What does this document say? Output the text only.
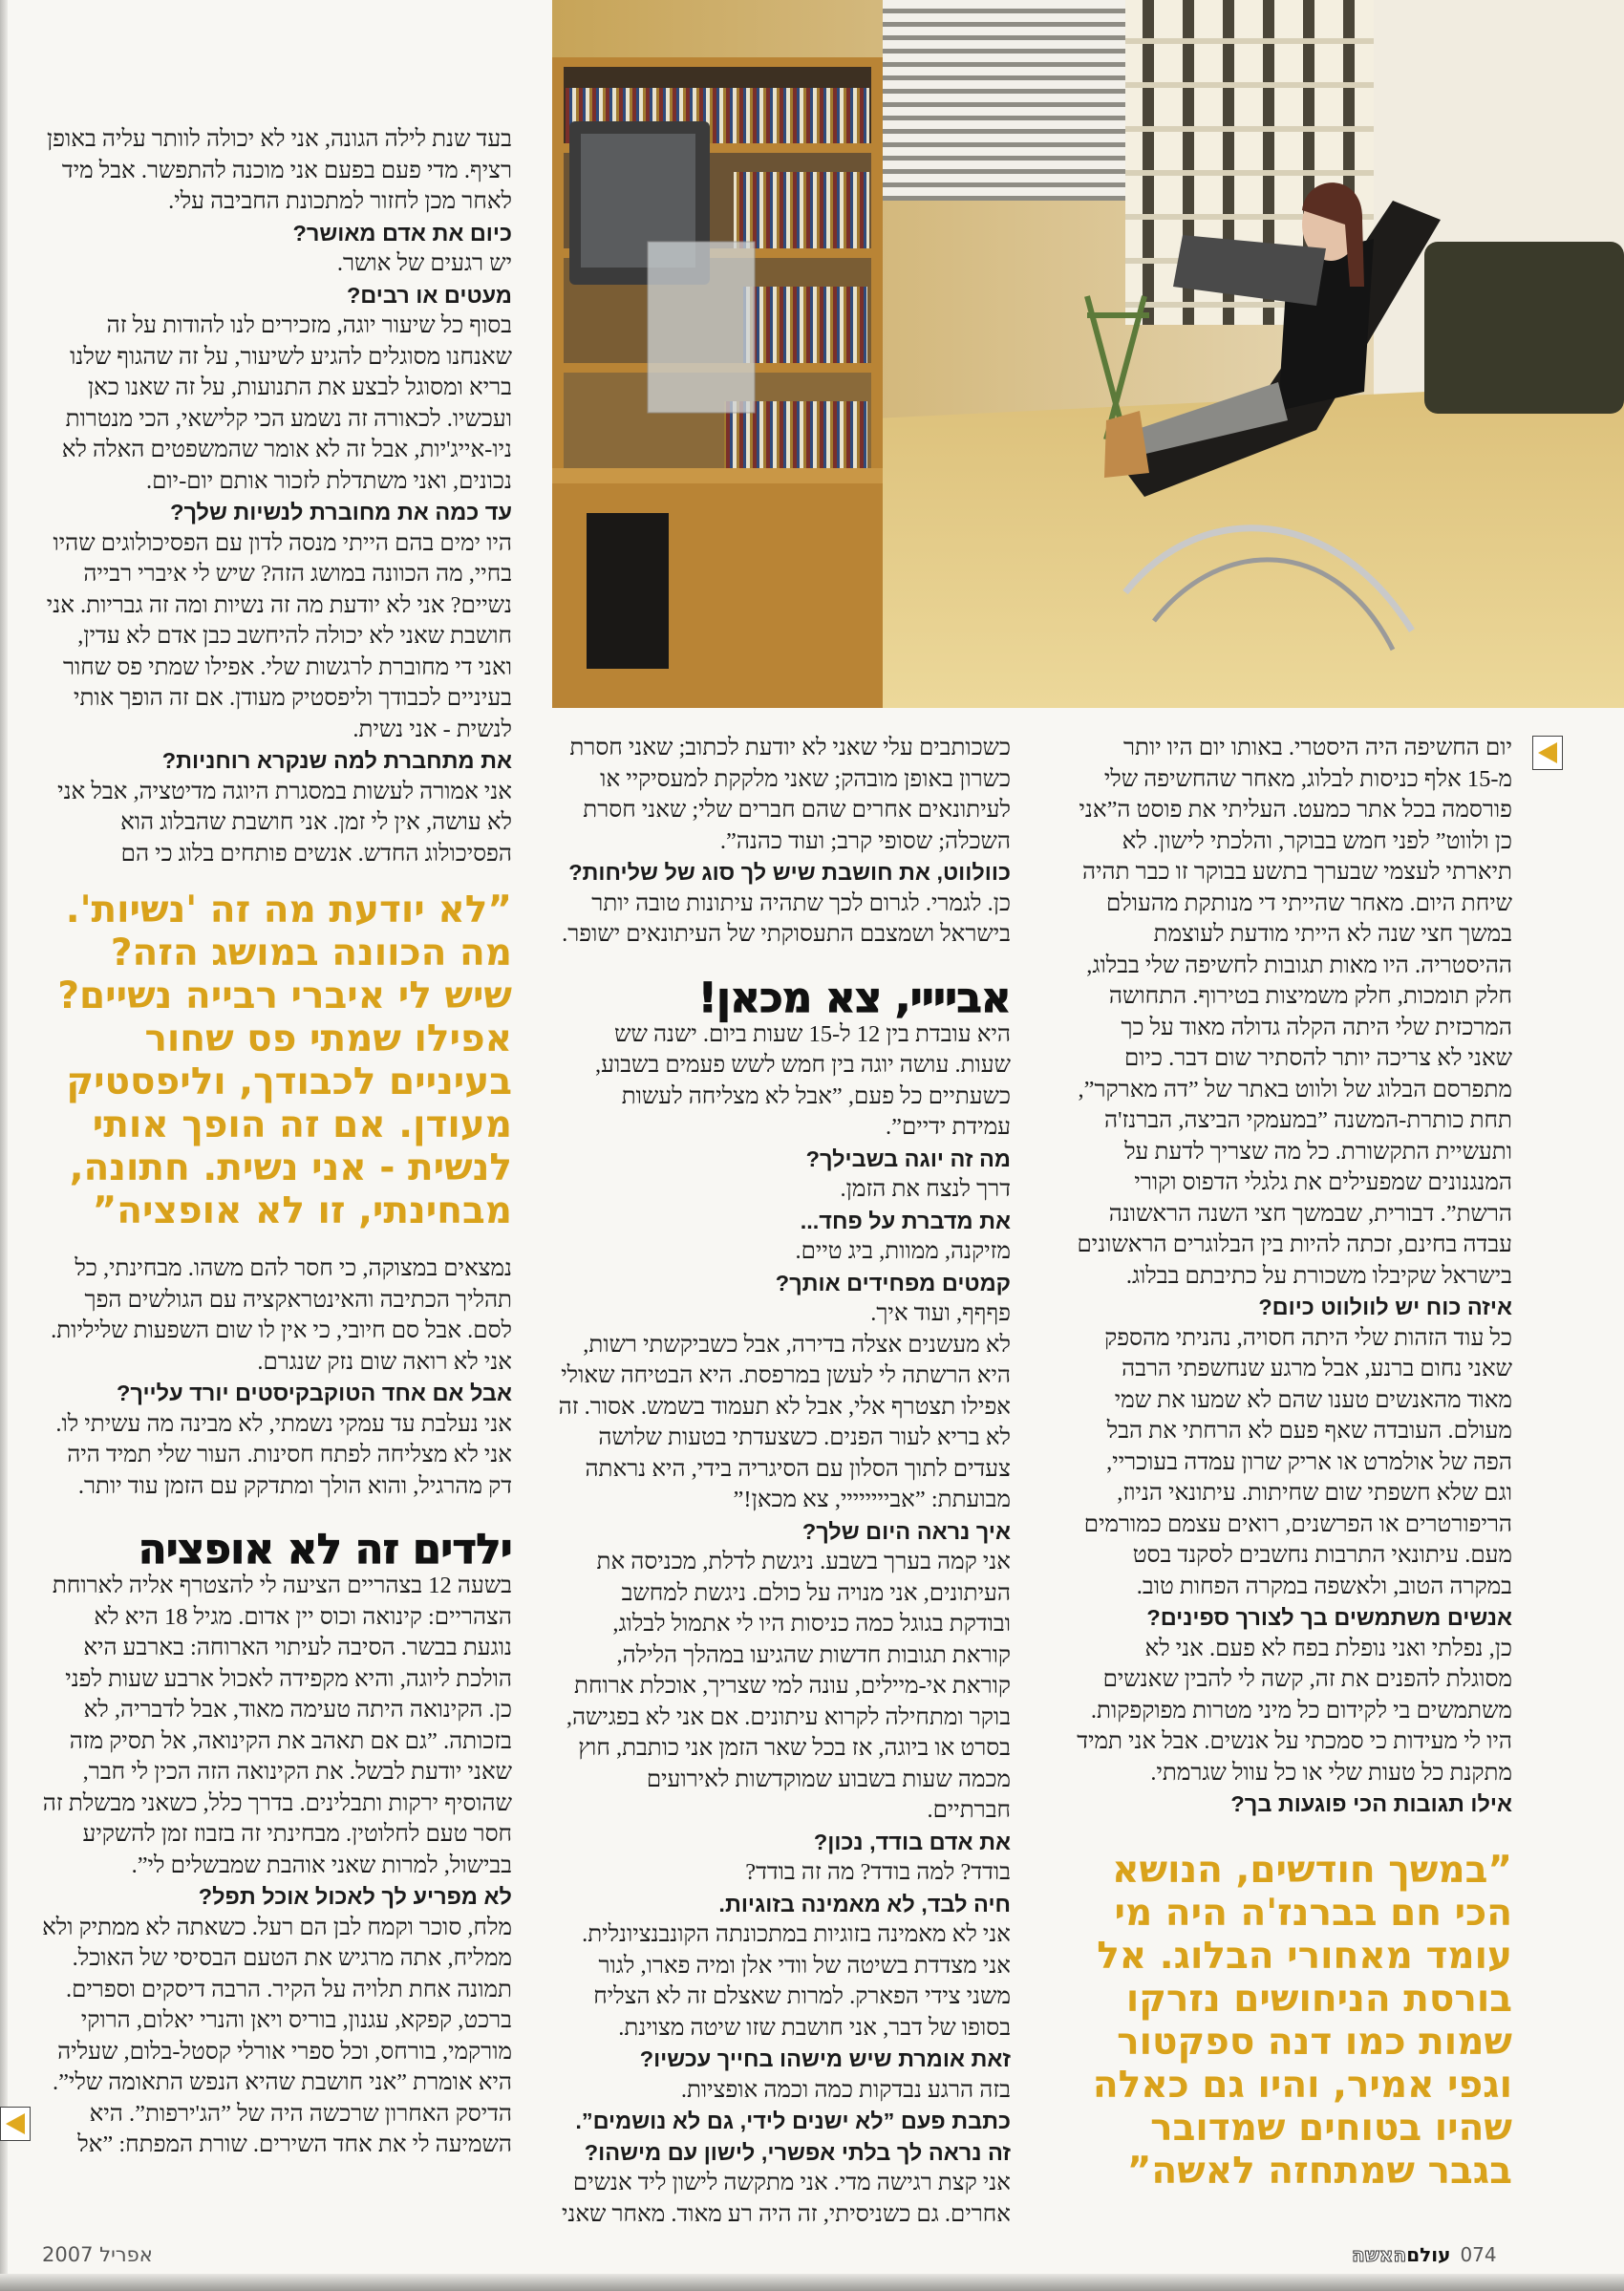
בעד שנת לילה הגונה, אני לא יכולה לוותר עליה באופן רציף. מדי פעם בפעם אני מוכנה להתפשר. אבל מיד לאחר מכן לחזור למתכונת החביבה עלי.

כיום את אדם מאושר?

יש רגעים של אושר.

מעטים או רבים?

בסוף כל שיעור יוגה, מזכירים לנו להודות על זה שאנחנו מסוגלים להגיע לשיעור, על זה שהגוף שלנו בריא ומסוגל לבצע את התנועות, על זה שאנו כאן ועכשיו. לכאורה זה נשמע הכי קלישאי, הכי מנטרות ניו-אייג'יות, אבל זה לא אומר שהמשפטים האלה לא נכונים, ואני משתדלת לזכור אותם יום-יום.

עד כמה את מחוברת לנשיות שלך?

היו ימים בהם הייתי מנסה לדון עם הפסיכולוגים שהיו בחיי, מה הכוונה במושג הזה? שיש לי איברי רבייה נשיים? אני לא יודעת מה זה נשיות ומה זה גבריות. אני חושבת שאני לא יכולה להיחשב כבן אדם לא עדין, ואני די מחוברת לרגשות שלי. אפילו שמתי פס שחור בעיניים לכבודך וליפסטיק מעודן. אם זה הופך אותי לנשית - אני נשית.

את מתחברת למה שנקרא רוחניות?

אני אמורה לעשות במסגרת היוגה מדיטציה, אבל אני לא עושה, אין לי זמן. אני חושבת שהבלוג הוא הפסיכולוג החדש. אנשים פותחים בלוג כי הם

”לא יודעת מה זה 'נשיות'.
מה הכוונה במושג הזה?
שיש לי איברי רבייה נשיים?
אפילו שמתי פס שחור
בעיניים לכבודך, וליפסטיק
מעודן. אם זה הופך אותי
לנשית - אני נשית. חתונה,
מבחינתי, זו לא אופציה”

נמצאים במצוקה, כי חסר להם משהו. מבחינתי, כל תהליך הכתיבה והאינטראקציה עם הגולשים הפך לסם. אבל סם חיובי, כי אין לו שום השפעות שליליות. אני לא רואה שום נזק שנגרם.

אבל אם אחד הטוקבקיסטים יורד עלייך?

אני נעלבת עד עמקי נשמתי, לא מבינה מה עשיתי לו. אני לא מצליחה לפתח חסינות. העור שלי תמיד היה דק מהרגיל, והוא הולך ומתדקק עם הזמן עוד יותר.

ילדים זה לא אופציה

בשעה 12 בצהריים הציעה לי להצטרף אליה לארוחת הצהריים: קינואה וכוס יין אדום. מגיל 18 היא לא נוגעת בבשר. הסיבה לעיתוי הארוחה: בארבע היא הולכת ליוגה, והיא מקפידה לאכול ארבע שעות לפני כן. הקינואה היתה טעימה מאוד, אבל לדבריה, לא בזכותה. ”גם אם תאהב את הקינואה, אל תסיק מזה שאני יודעת לבשל. את הקינואה הזה הכין לי חבר, שהוסיף ירקות ותבלינים. בדרך כלל, כשאני מבשלת זה חסר טעם לחלוטין. מבחינתי זה בזבוז זמן להשקיע בבישול, למרות שאני אוהבת שמבשלים לי”.

לא מפריע לך לאכול אוכל תפל?

מלח, סוכר וקמח לבן הם רעל. כשאתה לא ממתיק ולא ממליח, אתה מרגיש את הטעם הבסיסי של האוכל. תמונה אחת תלויה על הקיר. הרבה דיסקים וספרים. ברכט, קפקא, עגנון, בוריס ויאן והנרי יאלום, הרוקי מורקמי, בורחס, וכל ספרי אורלי קסטל-בלום, שעליה היא אומרת ”אני חושבת שהיא הנפש התאומה שלי”. הדיסק האחרון שרכשה היה של ”הג'ירפות”. היא השמיעה לי את אחד השירים. שורת המפתח: ”אל

כשכותבים עלי שאני לא יודעת לכתוב; שאני חסרת כשרון באופן מובהק; שאני מלקקת למעסיקיי או לעיתונאים אחרים שהם חברים שלי; שאני חסרת השכלה; שסופי קרב; ועוד כהנה”.

כוולווט, את חושבת שיש לך סוג של שליחות?

כן. לגמרי. לגרום לכך שתהיה עיתונות טובה יותר בישראל ושמצבם התעסוקתי של העיתונאים ישופר.

אביייי, צא מכאן!

היא עובדת בין 12 ל-15 שעות ביום. ישנה שש שעות. עושה יוגה בין חמש לשש פעמים בשבוע, כשעתיים כל פעם, ”אבל לא מצליחה לעשות עמידת ידיים”.

מה זה יוגה בשבילך?

דרך לנצח את הזמן.

את מדברת על פחד...

מזיקנה, ממוות, ביג טיים.

קמטים מפחידים אותך?

פףףף, ועוד איך.

לא מעשנים אצלה בדירה, אבל כשביקשתי רשות, היא הרשתה לי לעשן במרפסת. היא הבטיחה שאולי אפילו תצטרף אלי, אבל לא תעמוד בשמש. אסור. זה לא בריא לעור הפנים. כשצעדתי בטעות שלושה צעדים לתוך הסלון עם הסיגריה בידי, היא נראתה מבועתת: ”אביייייייי, צא מכאן!”

איך נראה היום שלך?

אני קמה בערך בשבע. ניגשת לדלת, מכניסה את העיתונים, אני מנויה על כולם. ניגשת למחשב ובודקת בגוגל כמה כניסות היו לי אתמול לבלוג, קוראת תגובות חדשות שהגיעו במהלך הלילה, קוראת אי-מיילים, עונה למי שצריך, אוכלת ארוחת בוקר ומתחילה לקרוא עיתונים. אם אני לא בפגישה, בסרט או ביוגה, אז בכל שאר הזמן אני כותבת, חוץ מכמה שעות בשבוע שמוקדשות לאירועים חברתיים.

את אדם בודד, נכון?

בודד? למה בודד? מה זה בודד?

חיה לבד, לא מאמינה בזוגיות.

אני לא מאמינה בזוגיות במתכונתה הקונבנציונלית. אני מצדדת בשיטה של וודי אלן ומיה פארו, לגור משני צידי הפארק. למרות שאצלם זה לא הצליח בסופו של דבר, אני חושבת שזו שיטה מצוינת.

זאת אומרת שיש מישהו בחייך עכשיו?

בזה הרגע נבדקות כמה וכמה אופציות.

כתבת פעם ”לא ישנים לידי, גם לא נושמים”. זה נראה לך בלתי אפשרי, לישון עם מישהו?

אני קצת רגישה מדי. אני מתקשה לישון ליד אנשים אחרים. גם כשניסיתי, זה היה רע מאוד. מאחר שאני

יום החשיפה היה היסטרי. באותו יום היו יותר מ-15 אלף כניסות לבלוג, מאחר שהחשיפה שלי פורסמה בכל אתר כמעט. העליתי את פוסט ה”אני כן ולווט” לפני חמש בבוקר, והלכתי לישון. לא תיארתי לעצמי שבערך בתשע בבוקר זו כבר תהיה שיחת היום. מאחר שהייתי די מנותקת מהעולם במשך חצי שנה לא הייתי מודעת לעוצמת ההיסטריה. היו מאות תגובות לחשיפה שלי בבלוג, חלק תומכות, חלק משמיצות בטירוף. התחושה המרכזית שלי היתה הקלה גדולה מאוד על כך שאני לא צריכה יותר להסתיר שום דבר. כיום מתפרסם הבלוג של ולווט באתר של ”דה מארקר”, תחת כותרת-המשנה ”במעמקי הביצה, הברנז'ה ותעשיית התקשורת. כל מה שצריך לדעת על המנגנונים שמפעילים את גלגלי הדפוס וקורי הרשת”. דבורית, שבמשך חצי השנה הראשונה עבדה בחינם, זכתה להיות בין הבלוגרים הראשונים בישראל שקיבלו משכורת על כתיבתם בבלוג.

איזה כוח יש לוולווט כיום?

כל עוד הזהות שלי היתה חסויה, נהניתי מהספק שאני נחום ברנע, אבל מרגע שנחשפתי הרבה מאוד מהאנשים טענו שהם לא שמעו את שמי מעולם. העובדה שאף פעם לא הרחתי את הבל הפה של אולמרט או אריק שרון עמדה בעוכריי, וגם שלא חשפתי שום שחיתות. עיתונאי הניוז, הריפורטרים או הפרשנים, רואים עצמם כמורמים מעם. עיתונאי התרבות נחשבים לסקנד בסט במקרה הטוב, ולאשפה במקרה הפחות טוב.

אנשים משתמשים בך לצורך ספינים?

כן, נפלתי ואני נופלת בפח לא פעם. אני לא מסוגלת להפנים את זה, קשה לי להבין שאנשים משתמשים בי לקידום כל מיני מטרות מפוקפקות. היו לי מעידות כי סמכתי על אנשים. אבל אני תמיד מתקנת כל טעות שלי או כל עוול שגרמתי.

אילו תגובות הכי פוגעות בך?

”במשך חודשים, הנושא
הכי חם בברנז'ה היה מי
עומד מאחורי הבלוג. אל
בורסת הניחושים נזרקו
שמות כמו דנה ספקטור
וגפי אמיר, והיו גם כאלה
שהיו בטוחים שמדובר
בגבר שמתחזה לאשה”
אפריל 2007	074
עולםהאשה
